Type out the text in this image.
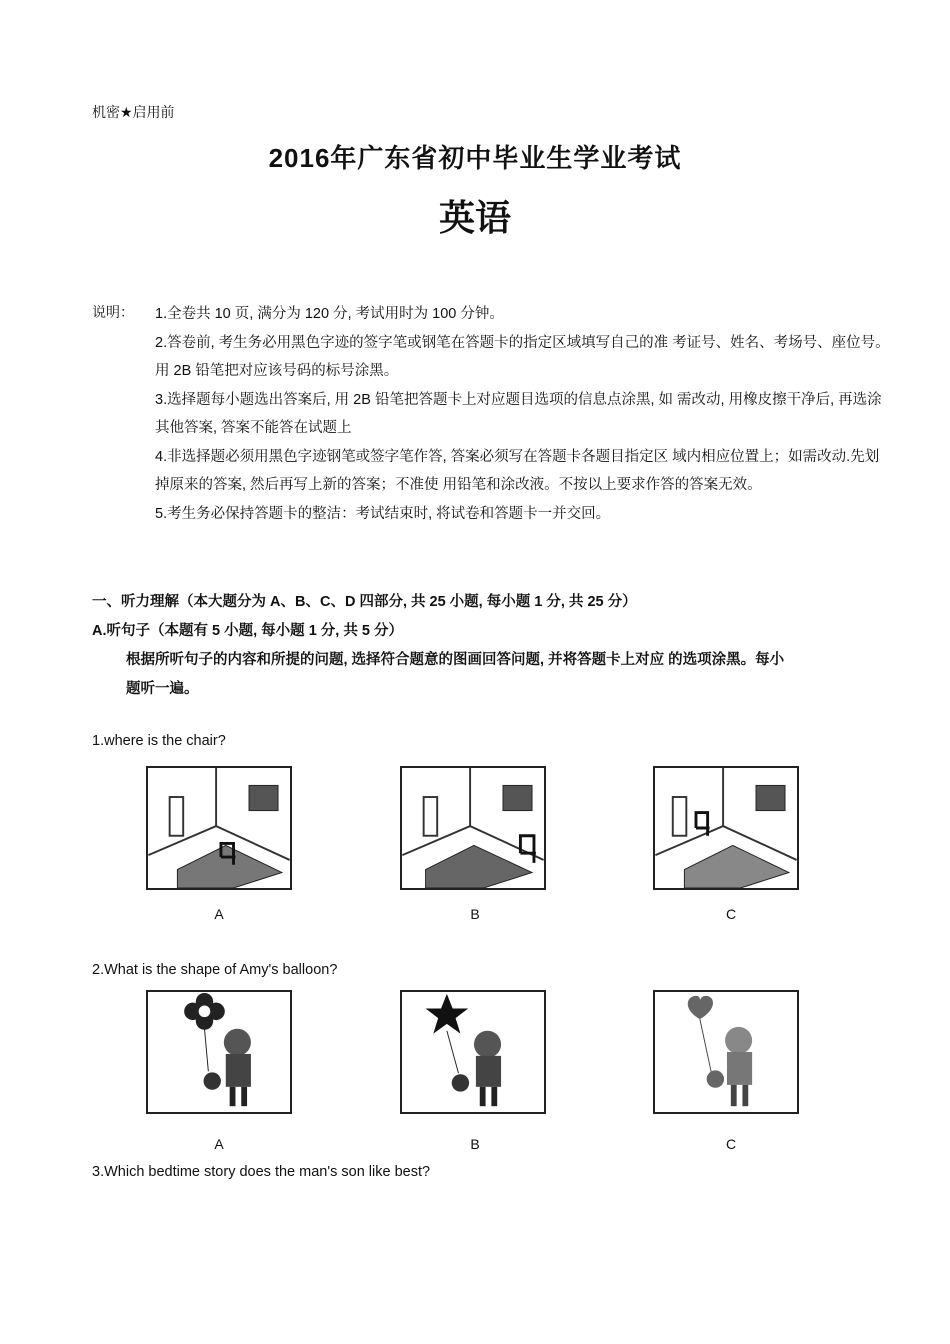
机密★启用前
2016年广东省初中毕业生学业考试
英语
说明： 1.全卷共 10 页, 满分为 120 分, 考试用时为 100 分钟。

2.答卷前, 考生务必用黑色字迹的签字笔或钢笔在答题卡的指定区域填写自己的准 考证号、姓名、考场号、座位号。用 2B 铅笔把对应该号码的标号涂黑。

3.选择题每小题选出答案后, 用 2B 铅笔把答题卡上对应题目选项的信息点涂黑, 如 需改动, 用橡皮擦干净后, 再选涂其他答案, 答案不能答在试题上

4.非选择题必须用黑色字迹钢笔或签字笔作答, 答案必须写在答题卡各题目指定区 域内相应位置上；如需改动.先划掉原来的答案, 然后再写上新的答案；不准使 用铅笔和涂改液。不按以上要求作答的答案无效。

5.考生务必保持答题卡的整洁：考试结束时, 将试卷和答题卡一并交回。

一、听力理解（本大题分为 A、B、C、D 四部分, 共 25 小题, 每小题 1 分, 共 25 分）
A.听句子（本题有 5 小题, 每小题 1 分, 共 5 分）
根据所听句子的内容和所提的问题, 选择符合题意的图画回答问题, 并将答题卡上对应 的选项涂黑。每小
题听一遍。
1.where is the chair?
A	B	C
2.What is the shape of Amy's balloon?
A	B	C
3.Which bedtime story does the man's son like best?
